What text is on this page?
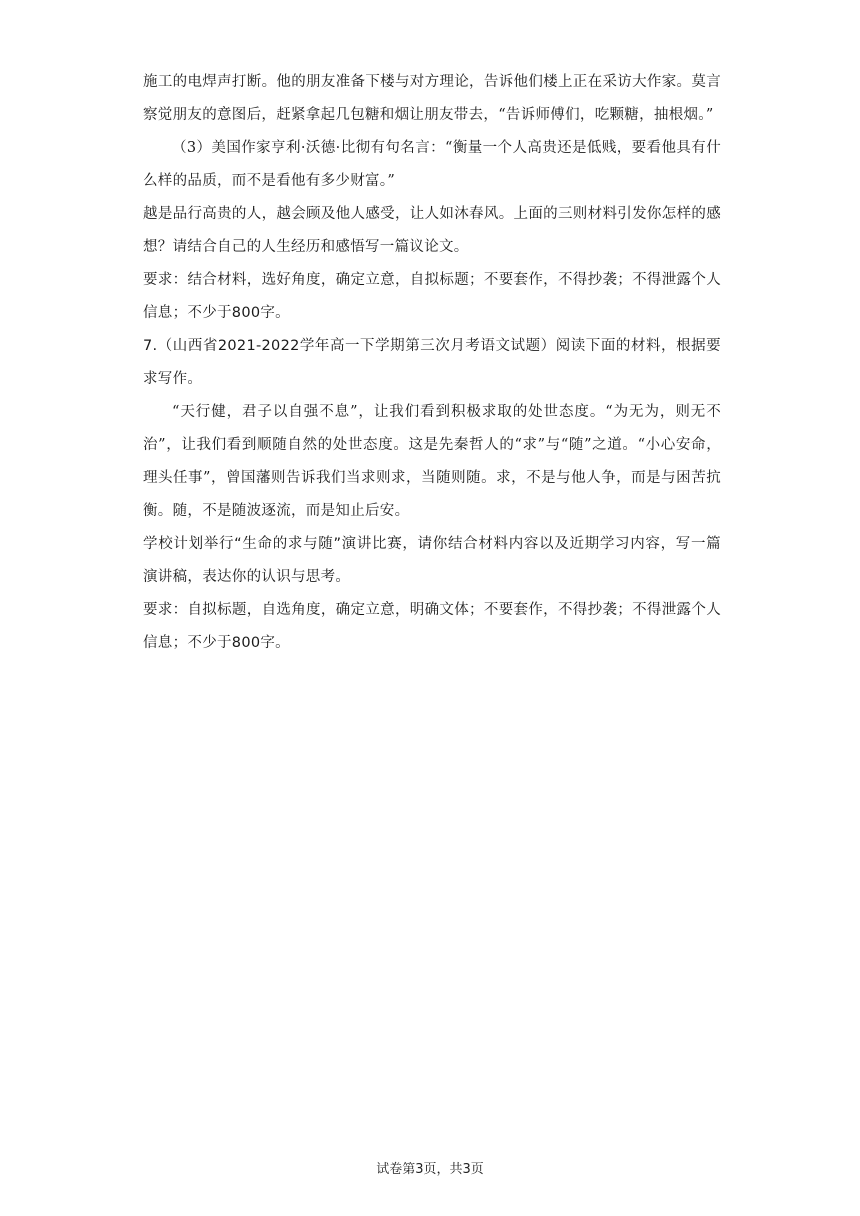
施工的电焊声打断。他的朋友准备下楼与对方理论，告诉他们楼上正在采访大作家。莫言察觉朋友的意图后，赶紧拿起几包糖和烟让朋友带去，“告诉师傅们，吃颗糖，抽根烟。”

（3）美国作家亨利·沃德·比彻有句名言：“衡量一个人高贵还是低贱，要看他具有什么样的品质，而不是看他有多少财富。”

越是品行高贵的人，越会顾及他人感受，让人如沐春风。上面的三则材料引发你怎样的感想？请结合自己的人生经历和感悟写一篇议论文。

要求：结合材料，选好角度，确定立意，自拟标题；不要套作，不得抄袭；不得泄露个人信息；不少于800字。

7.（山西省2021-2022学年高一下学期第三次月考语文试题）阅读下面的材料，根据要求写作。

“天行健，君子以自强不息”，让我们看到积极求取的处世态度。“为无为，则无不治”，让我们看到顺随自然的处世态度。这是先秦哲人的“求”与“随”之道。“小心安命，理头任事”，曾国藩则告诉我们当求则求，当随则随。求，不是与他人争，而是与困苦抗衡。随，不是随波逐流，而是知止后安。

学校计划举行“生命的求与随”演讲比赛，请你结合材料内容以及近期学习内容，写一篇演讲稿，表达你的认识与思考。

要求：自拟标题，自选角度，确定立意，明确文体；不要套作，不得抄袭；不得泄露个人信息；不少于800字。

试卷第3页，共3页
